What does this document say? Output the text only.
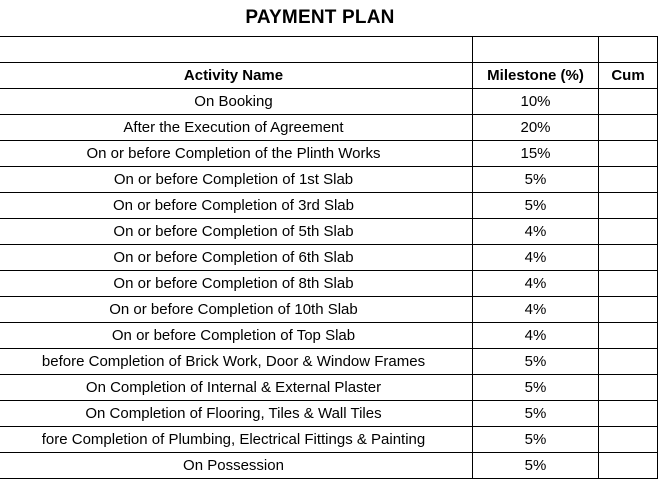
PAYMENT PLAN

Activity Name	Milestone (%)	Cum
On Booking	10%	
After the Execution of Agreement	20%	
On or before Completion of the Plinth Works	15%	
On or before Completion of 1st Slab	5%	
On or before Completion of 3rd Slab	5%	
On or before Completion of 5th Slab	4%	
On or before Completion of 6th Slab	4%	
On or before Completion of 8th Slab	4%	
On or before Completion of 10th Slab	4%	
On or before Completion of Top Slab	4%	
before Completion of Brick Work, Door & Window Frames	5%	
On Completion of Internal & External Plaster	5%	
On Completion of Flooring, Tiles & Wall Tiles	5%	
fore Completion of Plumbing, Electrical Fittings & Painting	5%	
On Possession	5%	
